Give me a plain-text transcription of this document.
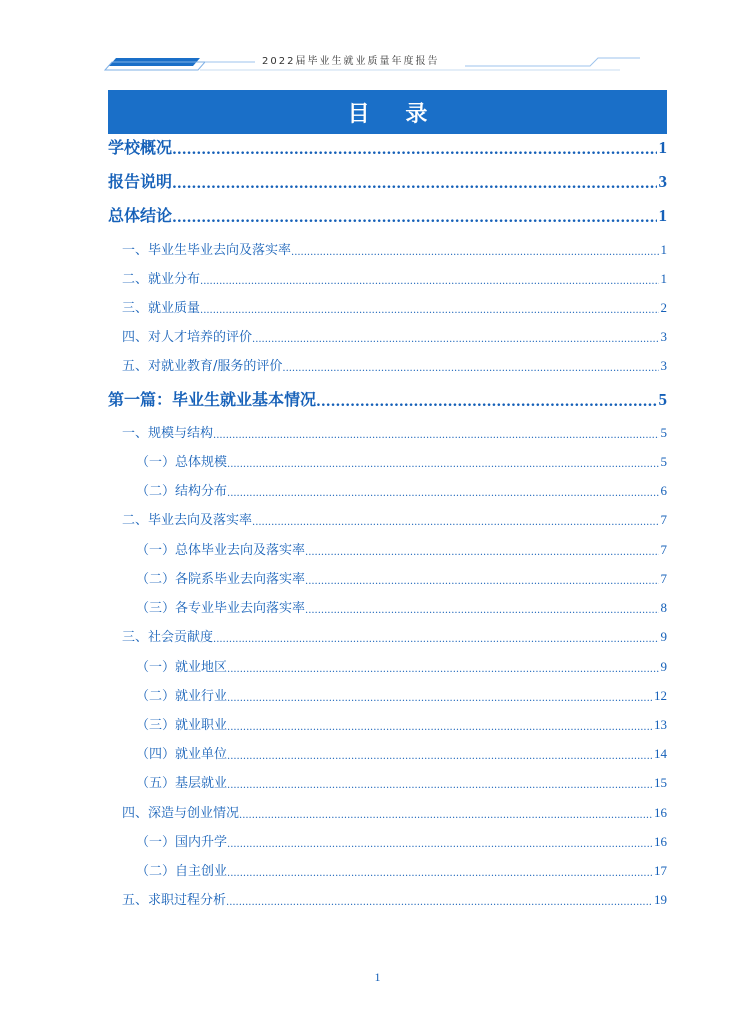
2022届毕业生就业质量年度报告
目 录
学校概况 .....	1
报告说明 .....	3
总体结论 .....	1
一、毕业生毕业去向及落实率 .....	1
二、就业分布 .....	1
三、就业质量 .....	2
四、对人才培养的评价 .....	3
五、对就业教育/服务的评价 .....	3
第一篇：毕业生就业基本情况 .....	5
一、规模与结构 .....	5
（一）总体规模 .....	5
（二）结构分布 .....	6
二、毕业去向及落实率 .....	7
（一）总体毕业去向及落实率 .....	7
（二）各院系毕业去向落实率 .....	7
（三）各专业毕业去向落实率 .....	8
三、社会贡献度 .....	9
（一）就业地区 .....	9
（二）就业行业 .....	12
（三）就业职业 .....	13
（四）就业单位 .....	14
（五）基层就业 .....	15
四、深造与创业情况 .....	16
（一）国内升学 .....	16
（二）自主创业 .....	17
五、求职过程分析 .....	19
1
